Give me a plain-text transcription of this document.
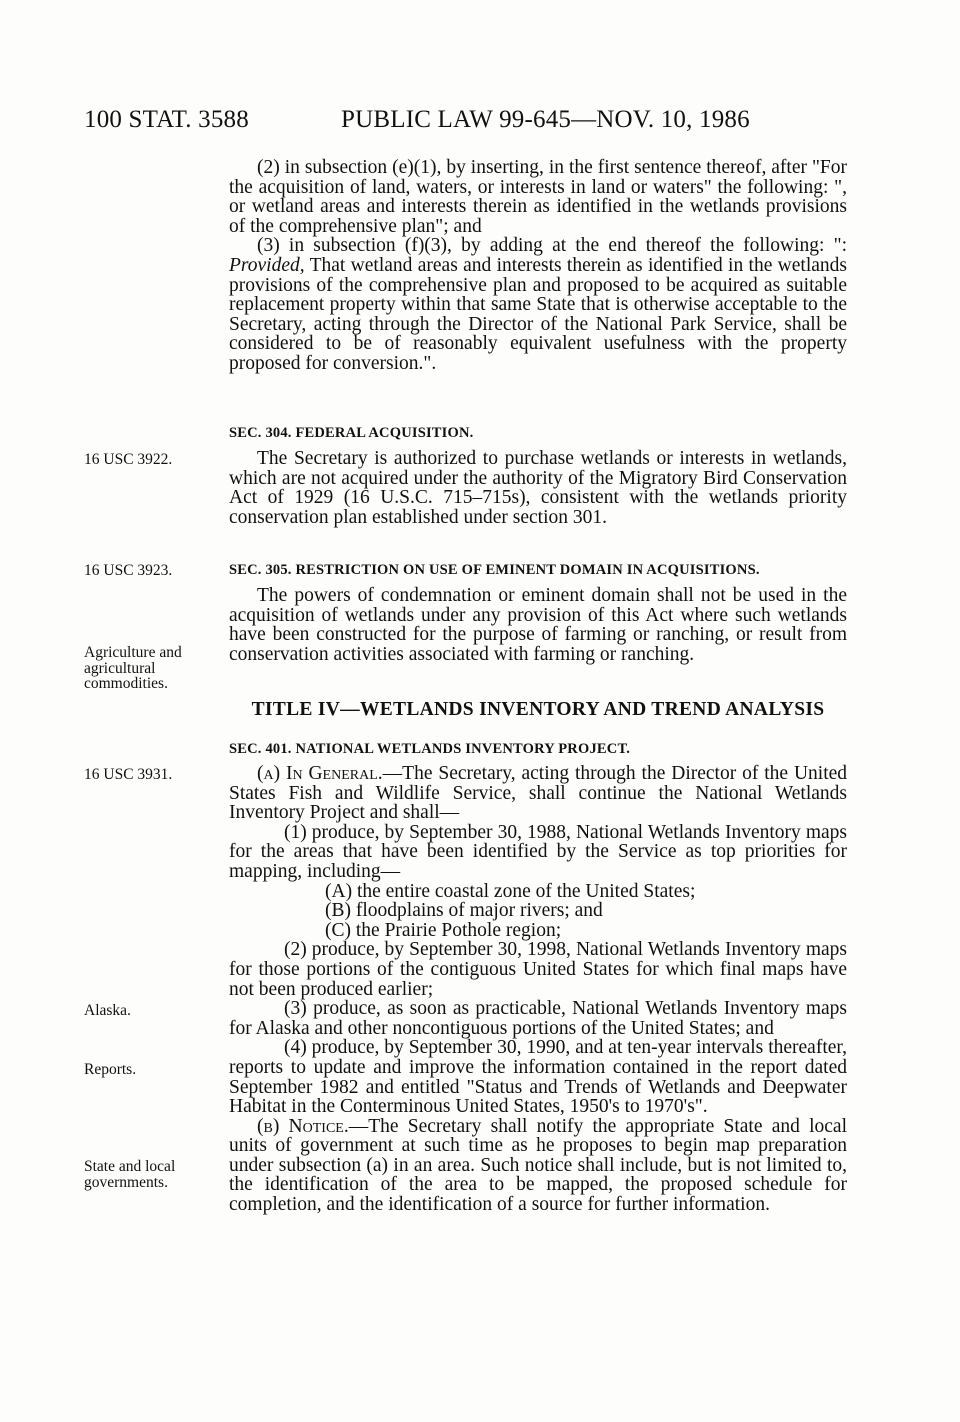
100 STAT. 3588	PUBLIC LAW 99-645—NOV. 10, 1986

(2) in subsection (e)(1), by inserting, in the first sentence thereof, after "For the acquisition of land, waters, or interests in land or waters" the following: ", or wetland areas and interests therein as identified in the wetlands provisions of the comprehensive plan"; and

(3) in subsection (f)(3), by adding at the end thereof the following: ": Provided, That wetland areas and interests therein as identified in the wetlands provisions of the comprehensive plan and proposed to be acquired as suitable replacement property within that same State that is otherwise acceptable to the Secretary, acting through the Director of the National Park Service, shall be considered to be of reasonably equivalent usefulness with the property proposed for conversion.".

SEC. 304. FEDERAL ACQUISITION.

The Secretary is authorized to purchase wetlands or interests in wetlands, which are not acquired under the authority of the Migratory Bird Conservation Act of 1929 (16 U.S.C. 715–715s), consistent with the wetlands priority conservation plan established under section 301.

SEC. 305. RESTRICTION ON USE OF EMINENT DOMAIN IN ACQUISITIONS.

The powers of condemnation or eminent domain shall not be used in the acquisition of wetlands under any provision of this Act where such wetlands have been constructed for the purpose of farming or ranching, or result from conservation activities associated with farming or ranching.

TITLE IV—WETLANDS INVENTORY AND TREND ANALYSIS

SEC. 401. NATIONAL WETLANDS INVENTORY PROJECT.

(a) In General.—The Secretary, acting through the Director of the United States Fish and Wildlife Service, shall continue the National Wetlands Inventory Project and shall—

(1) produce, by September 30, 1988, National Wetlands Inventory maps for the areas that have been identified by the Service as top priorities for mapping, including—

(A) the entire coastal zone of the United States;

(B) floodplains of major rivers; and

(C) the Prairie Pothole region;

(2) produce, by September 30, 1998, National Wetlands Inventory maps for those portions of the contiguous United States for which final maps have not been produced earlier;

(3) produce, as soon as practicable, National Wetlands Inventory maps for Alaska and other noncontiguous portions of the United States; and

(4) produce, by September 30, 1990, and at ten-year intervals thereafter, reports to update and improve the information contained in the report dated September 1982 and entitled "Status and Trends of Wetlands and Deepwater Habitat in the Conterminous United States, 1950's to 1970's".

(b) Notice.—The Secretary shall notify the appropriate State and local units of government at such time as he proposes to begin map preparation under subsection (a) in an area. Such notice shall include, but is not limited to, the identification of the area to be mapped, the proposed schedule for completion, and the identification of a source for further information.

16 USC 3922.
16 USC 3923.
Agriculture and agricultural commodities.
16 USC 3931.
Alaska.
Reports.
State and local governments.
